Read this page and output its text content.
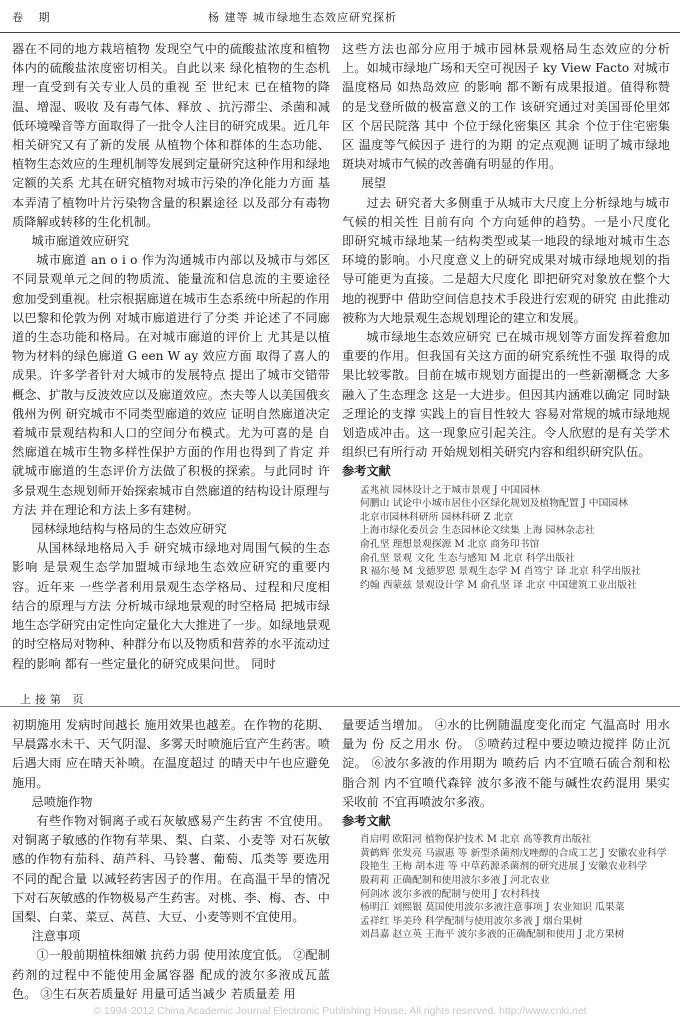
卷 期	杨 建等 城市绿地生态效应研究探析

器在不同的地方栽培植物 发现空气中的硫酸盐浓度和植物体内的硫酸盐浓度密切相关。自此以来 绿化植物的生态机理一直受到有关专业人员的重视 至 世纪末 已在植物的降温、增湿、吸收 及有毒气体、释放 、抗污滞尘、杀菌和减低环境噪音等方面取得了一批令人注目的研究成果。近几年 相关研究又有了新的发展 从植物个体和群体的生态功能、植物生态效应的生理机制等发展到定量研究这种作用和绿地定额的关系 尤其在研究植物对城市污染的净化能力方面 基本弄清了植物叶片污染物含量的积累途径 以及部分有毒物质降解或转移的生化机制。

城市廊道效应研究

城市廊道 an o i o 作为沟通城市内部以及城市与郊区不同景观单元之间的物质流、能量流和信息流的主要途径 愈加受到重视。杜宗根据廊道在城市生态系统中所起的作用 以巴黎和伦敦为例 对城市廊道进行了分类 并论述了不同廊道的生态功能和格局。在对城市廊道的评价上 尤其是以植物为材料的绿色廊道 G een W ay 效应方面 取得了喜人的成果。许多学者针对大城市的发展特点 提出了城市交错带概念、扩散与反波效应以及廊道效应。杰夫等人以美国俄亥俄州为例 研究城市不同类型廊道的效应 证明自然廊道决定着城市景观结构和人口的空间分布模式。尤为可喜的是 自然廊道在城市生物多样性保护方面的作用也得到了肯定 并就城市廊道的生态评价方法做了积极的探索。与此同时 许多景观生态规划师开始探索城市自然廊道的结构设计原理与方法 并在理论和方法上多有建树。

园林绿地结构与格局的生态效应研究

从国林绿地格局入手 研究城市绿地对周围气候的生态影响 是景观生态学加盟城市绿地生态效应研究的重要内容。近年来 一些学者利用景观生态学格局、过程和尺度相结合的原理与方法 分析城市绿地景观的时空格局 把城市绿地生态学研究由定性向定量化大大推进了一步。如绿地景观的时空格局对物种、种群分布以及物质和营养的水平流动过程的影响 都有一些定量化的研究成果问世。 同时

这些方法也部分应用于城市园林景观格局生态效应的分析上。如城市绿地广场和天空可视因子 ky View Facto 对城市温度格局 如热岛效应 的影响 都不断有成果报道。值得称赞的是戈登所做的极富意义的工作 该研究通过对美国哥伦里郊区 个居民院落 其中 个位于绿化密集区 其余 个位于住宅密集区 温度等气候因子 进行的为期 的定点观测 证明了城市绿地斑块对城市气候的改善确有明显的作用。

展望

过去 研究者大多侧重于从城市大尺度上分析绿地与城市气候的相关性 目前有向 个方向延伸的趋势。一是小尺度化 即研究城市绿地某一结构类型或某一地段的绿地对城市生态环境的影响。小尺度意义上的研究成果对城市绿地规划的指导可能更为直接。二是超大尺度化 即把研究对象放在整个大地的视野中 借助空间信息技术手段进行宏观的研究 由此推动被称为大地景观生态规划理论的建立和发展。

城市绿地生态效应研究 已在城市规划等方面发挥着愈加重要的作用。但我国有关这方面的研究系统性不强 取得的成果比较零散。目前在城市规划方面提出的一些新潮概念 大多融入了生态理念 这是一大进步。但因其内涵难以确定 同时缺乏理论的支撑 实践上的盲目性较大 容易对常规的城市绿地规划造成冲击。这一现象应引起关注。令人欣慰的是有关学术组织已有所行动 开始规划相关研究内容和组织研究队伍。

参考文献

孟兆祯 园林设计之于城市景观 J 中国园林
何鹏山 试论中小城市居住小区绿化规划及植物配置 J 中国园林
北京市园林科研所 园林科研 Z 北京
上海市绿化委员会 生态园林论文续集 上海 园林杂志社
俞孔坚 理想景观探源 M 北京 商务印书馆
俞孔坚 景观 文化 生态与感知 M 北京 科学出版社
R 福尔曼 M 戈德罗恩 景观生态学 M 肖笃宁 译 北京 科学出版社
约翰 西蒙兹 景观设计学 M 俞孔坚 译 北京 中国建筑工业出版社
上接第 页

初期施用 发病时间越长 施用效果也越差。在作物的花期、早晨露水未干、天气阴湿、多雾天时喷施后宜产生药害。喷后遇大雨 应在晴天补喷。在温度超过 的晴天中午也应避免施用。

忌喷施作物

有些作物对铜离子或石灰敏感易产生药害 不宜使用。对铜离子敏感的作物有苹果、梨、白菜、小麦等 对石灰敏感的作物有茄科、葫芦科、马铃薯、葡萄、瓜类等 要选用不同的配合量 以减轻药害因子的作用。在高温干旱的情况下对石灰敏感的作物极易产生药害。对桃、李、梅、杏、中国梨、白菜、菜豆、莴苣、大豆、小麦等则不宜使用。

注意事项

①一般前期植株细嫩 抗药力弱 使用浓度宜低。 ②配制药剂的过程中不能使用金属容器 配成的波尔多液成瓦蓝色。 ③生石灰若质量好 用量可适当减少 若质量差 用

量要适当增加。 ④水的比例随温度变化而定 气温高时 用水量为 份 反之用水 份。 ⑤喷药过程中要边喷边搅拌 防止沉淀。 ⑥波尔多液的作用期为 喷药后 内不宜喷石硫合剂和松脂合剂 内不宜喷代森锌 波尔多液不能与碱性农药混用 果实采收前 不宜再喷波尔多液。

参考文献

肖启明 欧阳河 植物保护技术 M 北京 高等教育出版社
黄鹤辉 张发亮 马淑惠 等 新型杀菌剂戊唑醇的合成工艺 J 安徽农业科学
段艳生 王梅 胡本进 等 中草药源杀菌剂的研究进展 J 安徽农业科学
殷莉莉 正确配制和使用波尔多液 J 河北农业
何剑冰 波尔多液的配制与使用 J 农村科技
杨明江 刘熙银 莫国使用波尔多液注意事项 J 农业知识 瓜果菜
孟祥红 毕美玲 科学配制与使用波尔多液 J 烟台果树
刘昌嘉 赵立英 王海平 波尔多液的正确配制和使用 J 北方果树
© 1994-2012 China Academic Journal Electronic Publishing House. All rights reserved. http://www.cnki.net
